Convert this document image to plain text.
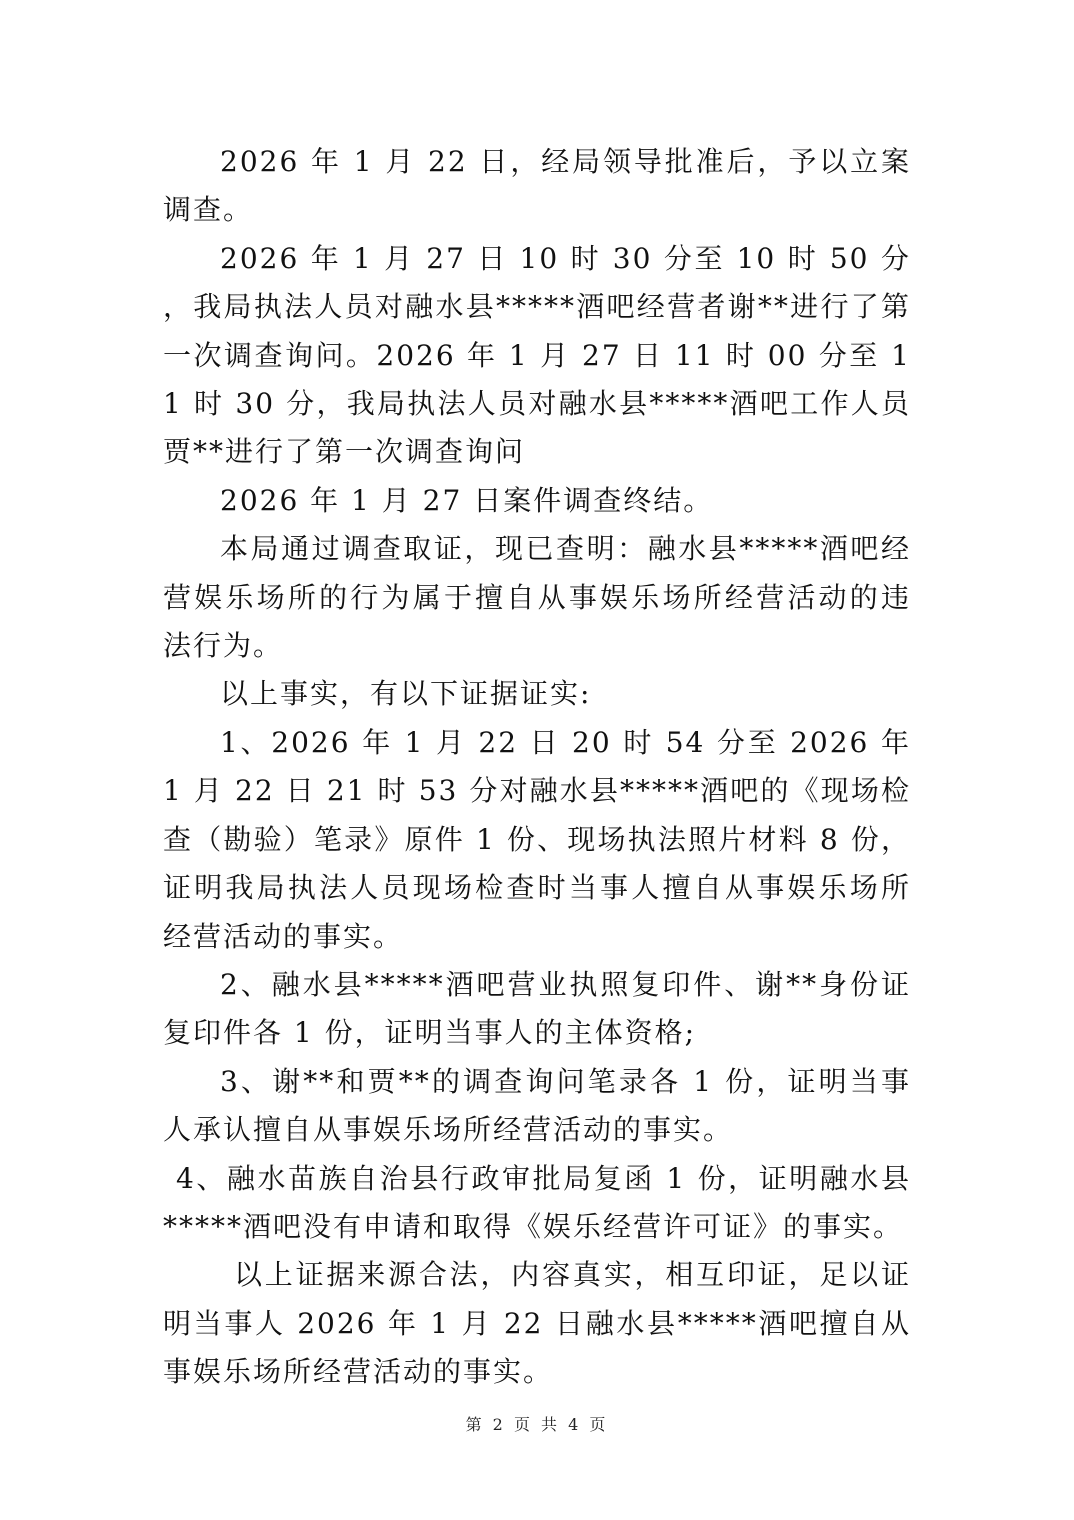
2026 年 1 月 22 日，经局领导批准后，予以立案调查。

2026 年 1 月 27 日 10 时 30 分至 10 时 50 分 ，我局执法人员对融水县*****酒吧经营者谢**进行了第一次调查询问。2026 年 1 月 27 日 11 时 00 分至 11 时 30 分，我局执法人员对融水县*****酒吧工作人员贾**进行了第一次调查询问

2026 年 1 月 27 日案件调查终结。

本局通过调查取证，现已查明：融水县*****酒吧经营娱乐场所的行为属于擅自从事娱乐场所经营活动的违法行为。

以上事实，有以下证据证实:

1、2026 年 1 月 22 日 20 时 54 分至 2026 年 1 月 22 日 21 时 53 分对融水县*****酒吧的《现场检查（勘验）笔录》原件 1 份、现场执法照片材料 8 份，证明我局执法人员现场检查时当事人擅自从事娱乐场所经营活动的事实。

2、融水县*****酒吧营业执照复印件、谢**身份证复印件各 1 份，证明当事人的主体资格;

3、谢**和贾**的调查询问笔录各 1 份，证明当事人承认擅自从事娱乐场所经营活动的事实。

4、融水苗族自治县行政审批局复函 1 份，证明融水县*****酒吧没有申请和取得《娱乐经营许可证》的事实。

以上证据来源合法，内容真实，相互印证，足以证明当事人 2026 年 1 月 22 日融水县*****酒吧擅自从事娱乐场所经营活动的事实。

第 2 页 共 4 页
